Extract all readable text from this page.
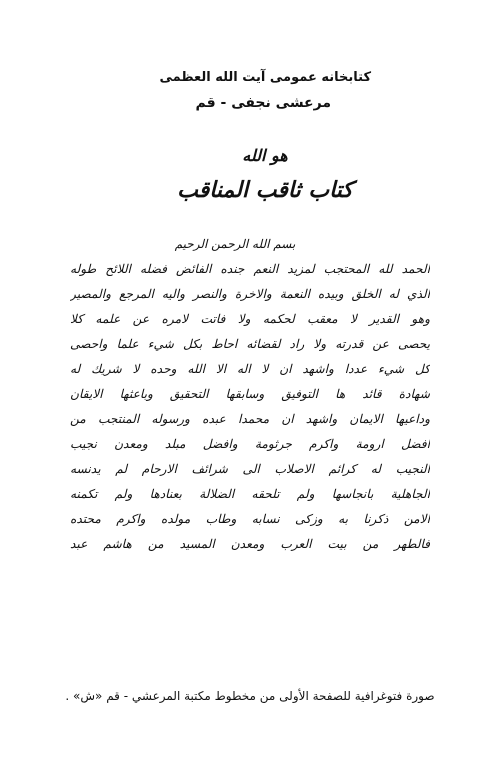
کتابخانه عمومی آیت الله العظمی
مرعشی نجفی - قم
هو الله
کتاب ثاقب المناقب
بسم الله الرحمن الرحيم
الحمد لله المحتجب لمزيد النعم جنده الفائض فضله اللائح طوله
الذي له الخلق وبيده النعمة والاخرة والنصر واليه المرجع والمصير
وهو القدير لا معقب لحكمه ولا فاتت لامره عن علمه كلا
يحصى عن قدرته ولا راد لقضائه احاط بكل شيء علما واحصى
كل شيء عددا واشهد ان لا اله الا الله وحده لا شريك له
شهادة قائد ها التوفيق وسابقها التحقيق وباعثها الايقان
وداعيها الايمان واشهد ان محمدا عبده ورسوله المنتجب من
افضل ارومة واكرم جرثومة وافضل مبلد ومعدن نجيب
النجيب له كرائم الاصلاب الى شرائف الارحام لم يدنسه
الجاهلية بانجاسها ولم تلحقه الضلالة بعنادها ولم تكمنه
الامن ذكرنا به وزكى نسابه وطاب مولده واكرم محتده
فالطهر من بيت العرب ومعدن المسيد من هاشم عبد
صورة فتوغرافية للصفحة الأولى من مخطوط مكتبة المرعشي - قم «ش» .
